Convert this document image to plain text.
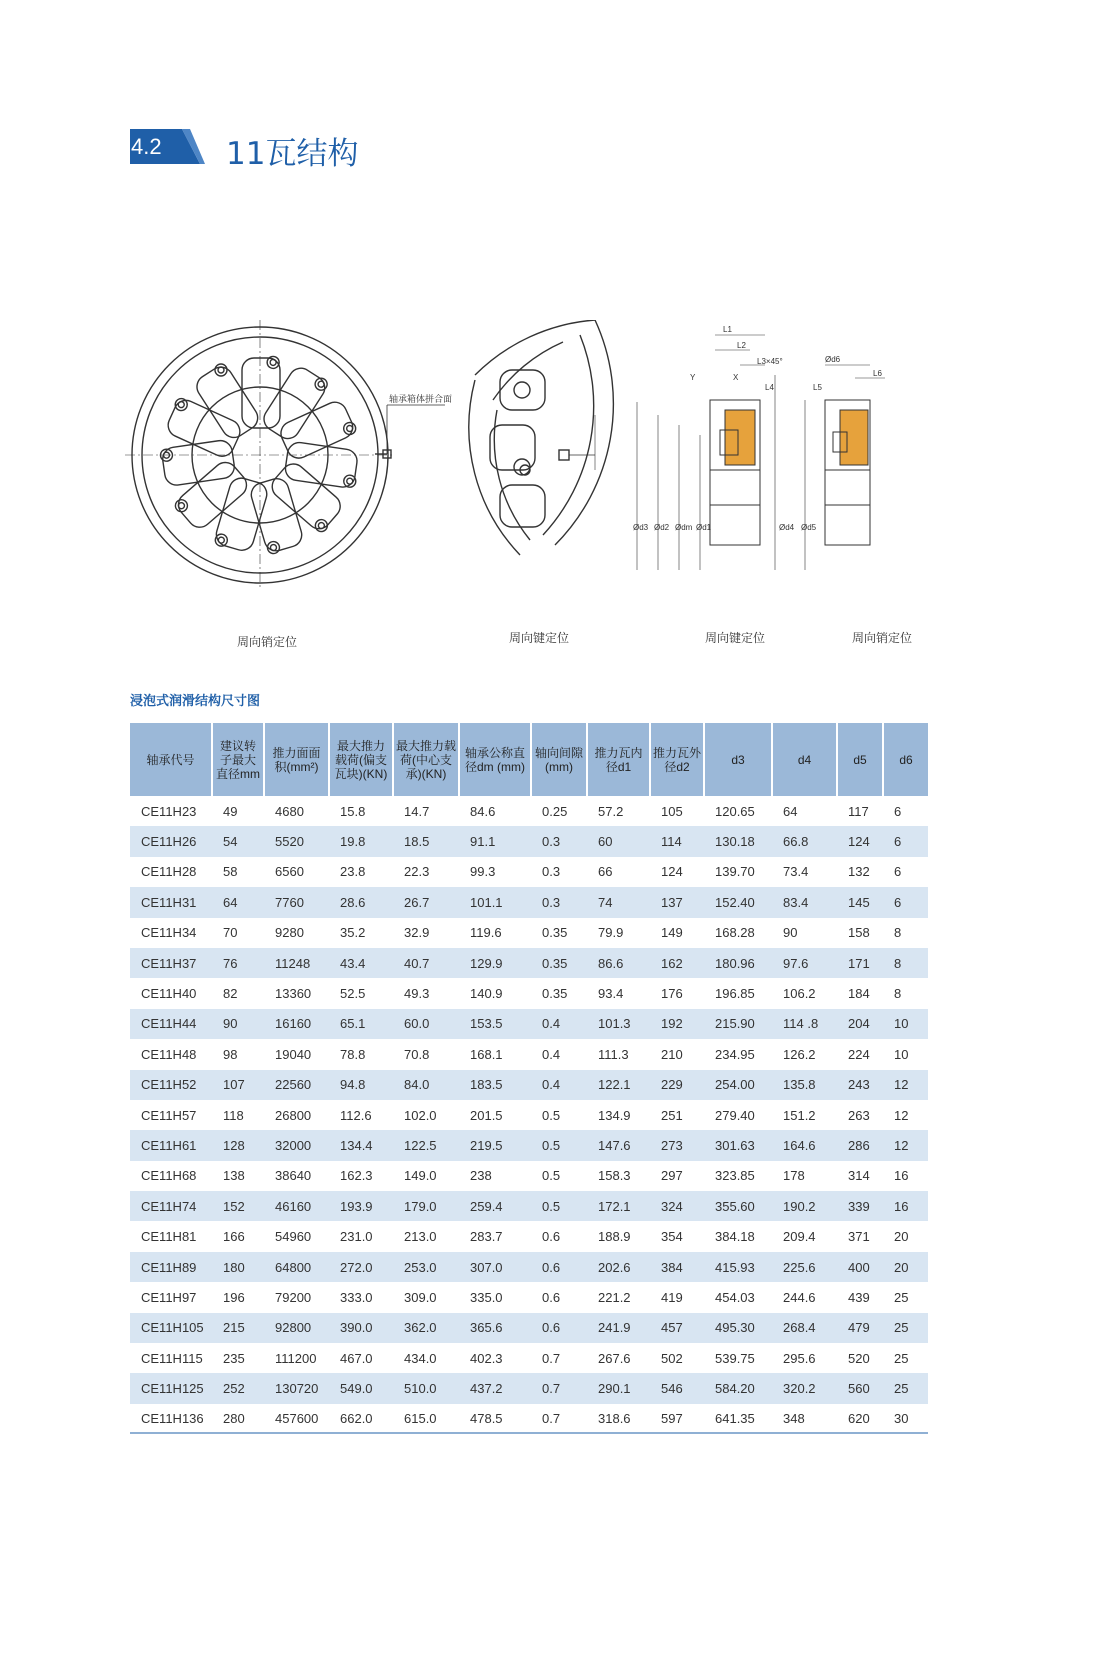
4.2 11瓦结构
轴承箱体拼合面
L1
L2
L3×45°
L4
X
Y
Ød3 Ød2 Ødm Ød1	Ød4
Ød6
L5
L6
Ød5
周向销定位	周向键定位	周向键定位	周向销定位
浸泡式润滑结构尺寸图
轴承代号	建议转子最大直径mm	推力面面积(mm²)	最大推力载荷(偏支瓦块)(KN)	最大推力载荷(中心支承)(KN)	轴承公称直径dm (mm)	轴向间隙(mm)	推力瓦内径d1	推力瓦外径d2	d3	d4	d5	d6
CE11H23	49	4680	15.8	14.7	84.6	0.25	57.2	105	120.65	64	117	6
CE11H26	54	5520	19.8	18.5	91.1	0.3	60	114	130.18	66.8	124	6
CE11H28	58	6560	23.8	22.3	99.3	0.3	66	124	139.70	73.4	132	6
CE11H31	64	7760	28.6	26.7	101.1	0.3	74	137	152.40	83.4	145	6
CE11H34	70	9280	35.2	32.9	119.6	0.35	79.9	149	168.28	90	158	8
CE11H37	76	11248	43.4	40.7	129.9	0.35	86.6	162	180.96	97.6	171	8
CE11H40	82	13360	52.5	49.3	140.9	0.35	93.4	176	196.85	106.2	184	8
CE11H44	90	16160	65.1	60.0	153.5	0.4	101.3	192	215.90	114 .8	204	10
CE11H48	98	19040	78.8	70.8	168.1	0.4	111.3	210	234.95	126.2	224	10
CE11H52	107	22560	94.8	84.0	183.5	0.4	122.1	229	254.00	135.8	243	12
CE11H57	118	26800	112.6	102.0	201.5	0.5	134.9	251	279.40	151.2	263	12
CE11H61	128	32000	134.4	122.5	219.5	0.5	147.6	273	301.63	164.6	286	12
CE11H68	138	38640	162.3	149.0	238	0.5	158.3	297	323.85	178	314	16
CE11H74	152	46160	193.9	179.0	259.4	0.5	172.1	324	355.60	190.2	339	16
CE11H81	166	54960	231.0	213.0	283.7	0.6	188.9	354	384.18	209.4	371	20
CE11H89	180	64800	272.0	253.0	307.0	0.6	202.6	384	415.93	225.6	400	20
CE11H97	196	79200	333.0	309.0	335.0	0.6	221.2	419	454.03	244.6	439	25
CE11H105	215	92800	390.0	362.0	365.6	0.6	241.9	457	495.30	268.4	479	25
CE11H115	235	111200	467.0	434.0	402.3	0.7	267.6	502	539.75	295.6	520	25
CE11H125	252	130720	549.0	510.0	437.2	0.7	290.1	546	584.20	320.2	560	25
CE11H136	280	457600	662.0	615.0	478.5	0.7	318.6	597	641.35	348	620	30
